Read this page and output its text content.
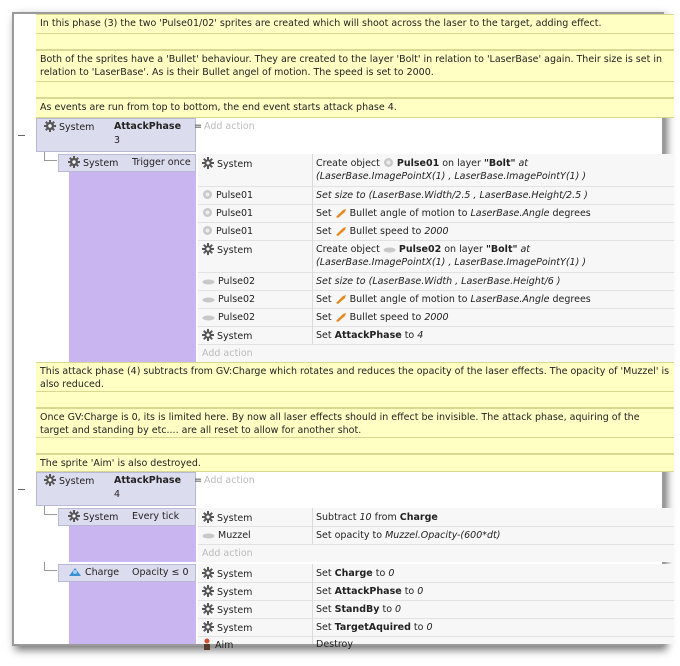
In this phase (3) the two 'Pulse01/02' sprites are created which will shoot across the laser to the target, adding effect.
Both of the sprites have a 'Bullet' behaviour. They are created to the layer 'Bolt' in relation to 'LaserBase' again. Their size is set in relation to 'LaserBase'. As is their Bullet angel of motion. The speed is set to 2000.
As events are run from top to bottom, the end event starts attack phase 4.
System AttackPhase =
3
Add action
System Trigger once	System	Create object Pulse01 on layer "Bolt" at (LaserBase.ImagePointX(1) , LaserBase.ImagePointY(1) )
Pulse01	Set size to (LaserBase.Width/2.5 , LaserBase.Height/2.5 )
Pulse01	Set Bullet angle of motion to LaserBase.Angle degrees
Pulse01	Set Bullet speed to 2000
System	Create object Pulse02 on layer "Bolt" at (LaserBase.ImagePointX(1) , LaserBase.ImagePointY(1) )
Pulse02	Set size to (LaserBase.Width , LaserBase.Height/6 )
Pulse02	Set Bullet angle of motion to LaserBase.Angle degrees
Pulse02	Set Bullet speed to 2000
System	Set AttackPhase to 4
Add action
This attack phase (4) subtracts from GV:Charge which rotates and reduces the opacity of the laser effects. The opacity of 'Muzzel' is also reduced.
Once GV:Charge is 0, its is limited here. By now all laser effects should in effect be invisible. The attack phase, aquiring of the target and standing by etc.... are all reset to allow for another shot.
The sprite 'Aim' is also destroyed.
System AttackPhase =
4
Add action
System Every tick	System	Subtract 10 from Charge
Muzzel	Set opacity to Muzzel.Opacity-(600*dt)
Add action
Charge Opacity ≤ 0	System	Set Charge to 0
System	Set AttackPhase to 0
System	Set StandBy to 0
System	Set TargetAquired to 0
Aim	Destroy
